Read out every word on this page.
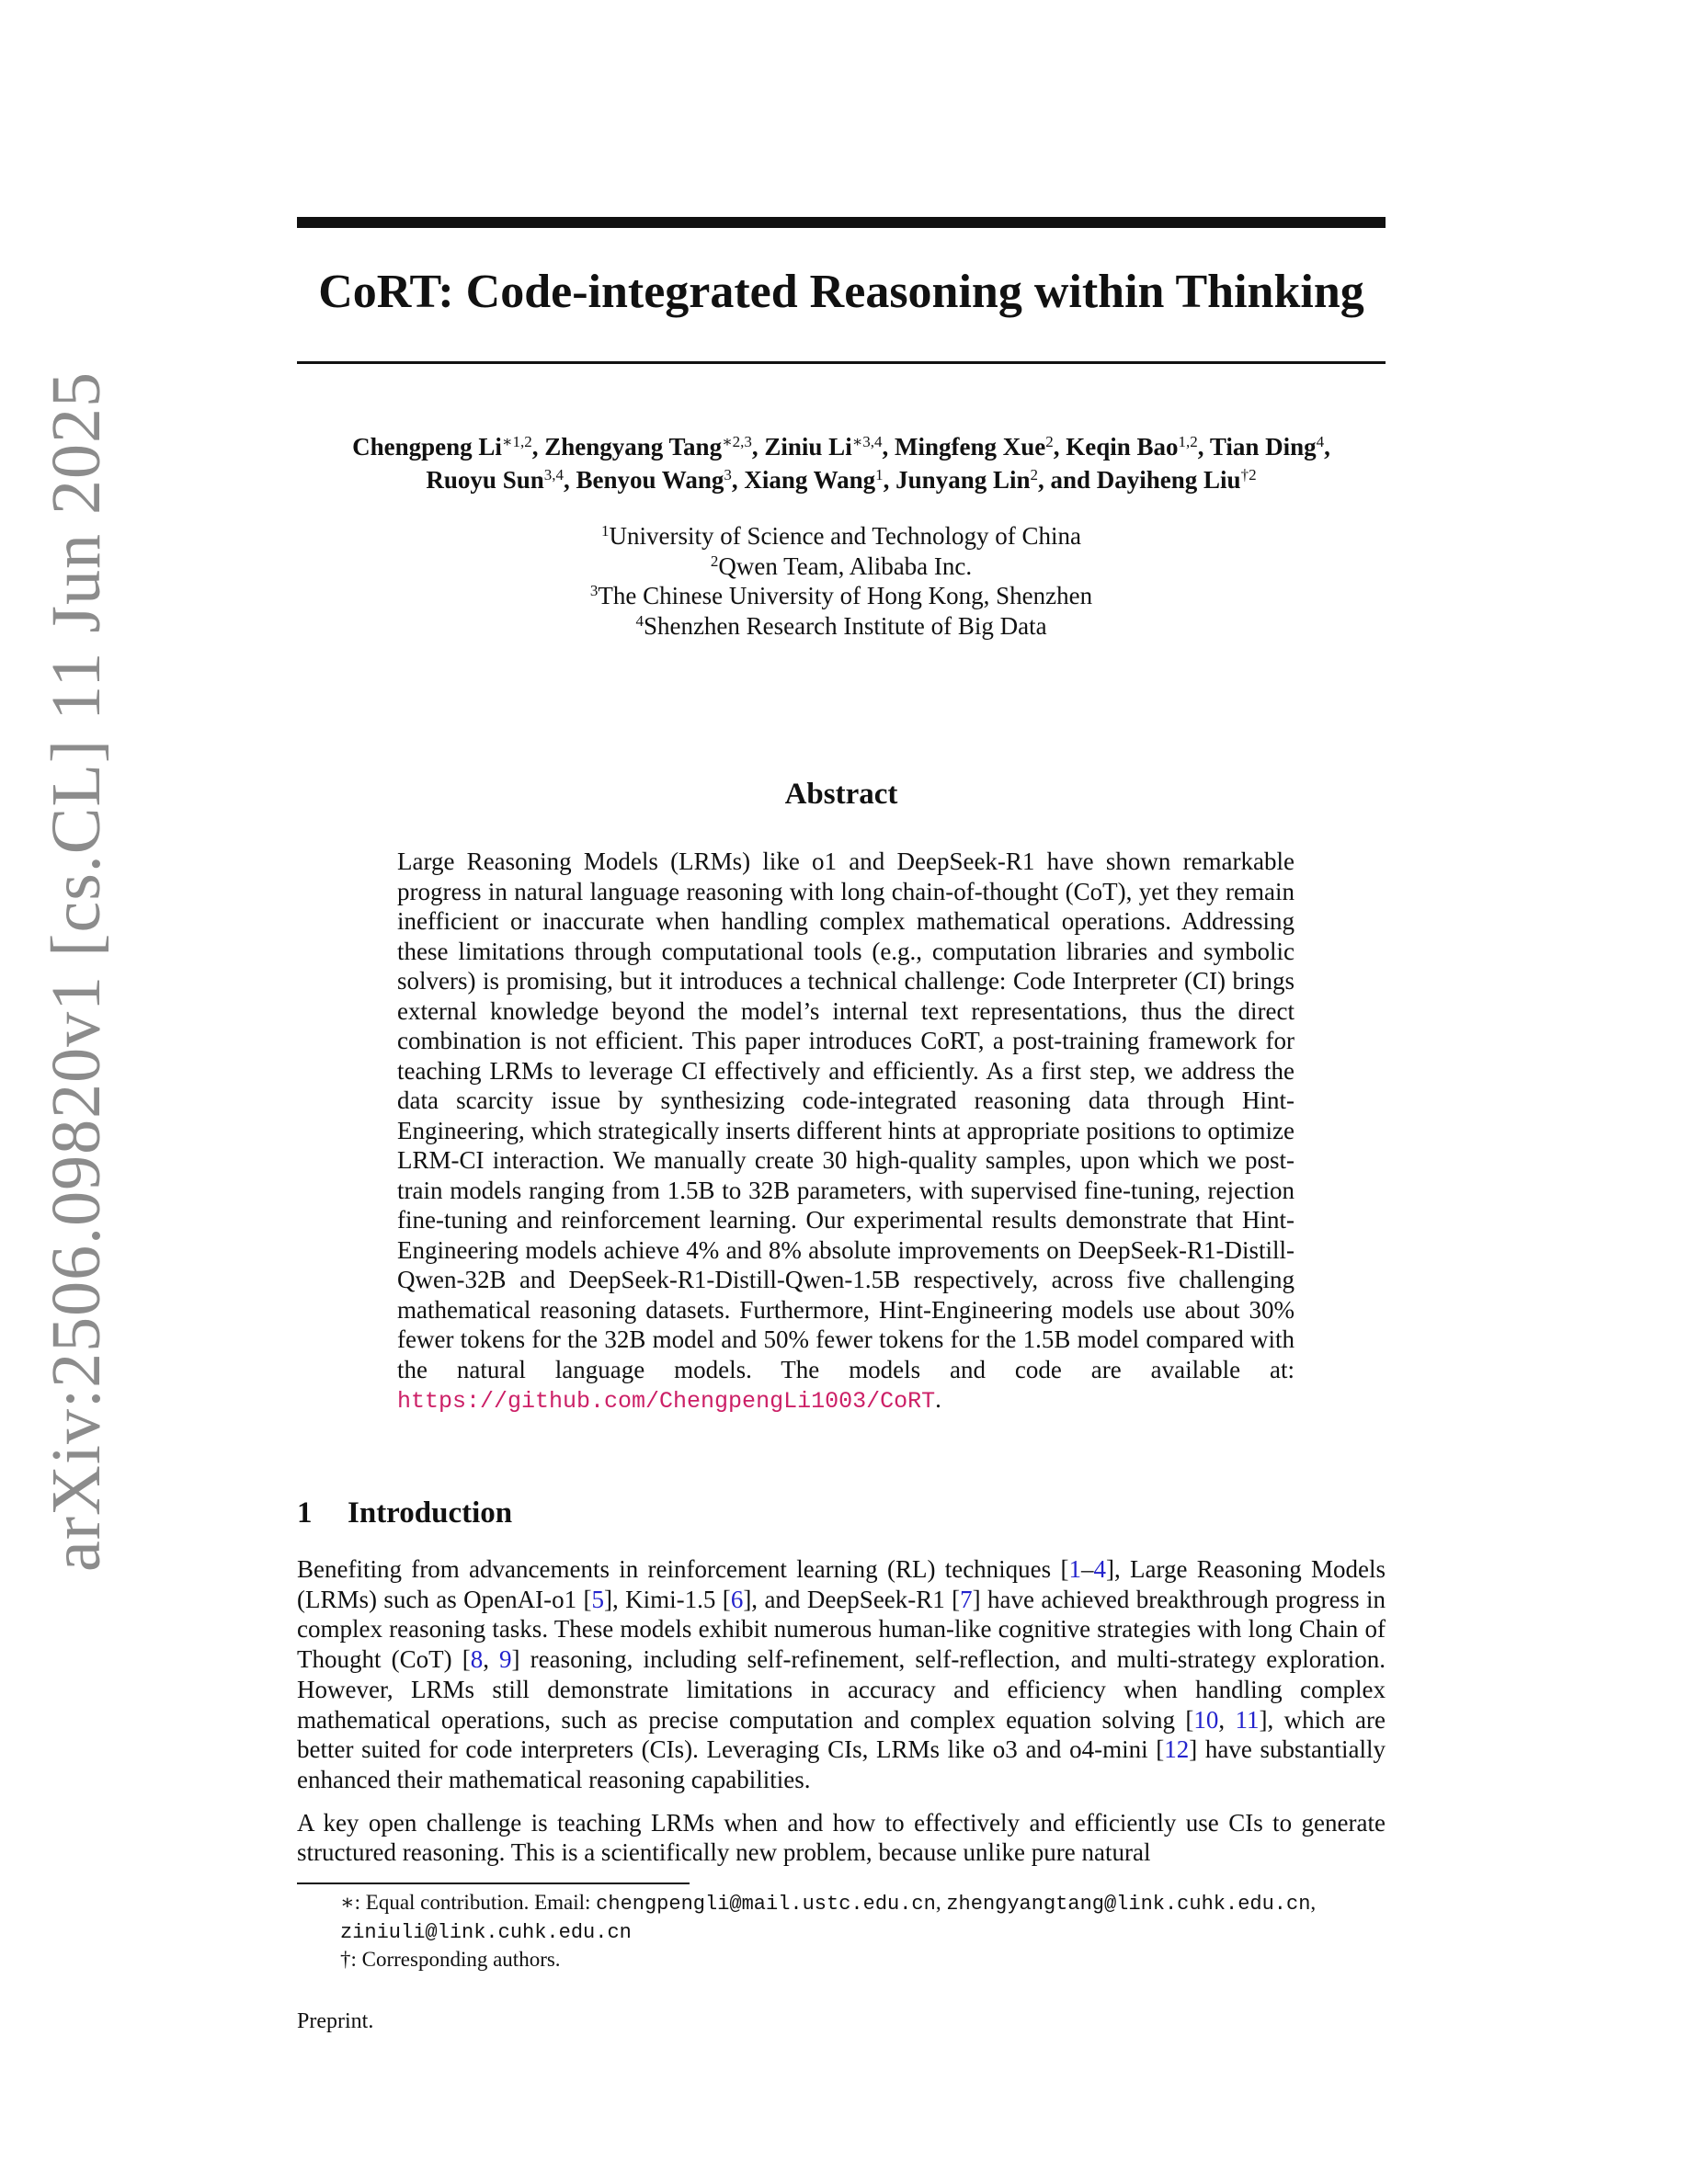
arXiv:2506.09820v1 [cs.CL] 11 Jun 2025
CoRT: Code-integrated Reasoning within Thinking
Chengpeng $Li^{∗1,2}$, Zhengyang Tang$^{∗2,3}$, Ziniu $Li^{∗3,4}$, Mingfeng Xue$^2$, Keqin Bao$^{1,2}$, Tian Ding$^4$,
Ruoyu Sun$^{3,4}$, Benyou Wang$^3$, Xiang Wang$^1$, Junyang Lin$^2$, and Dayiheng Liu$^{\dagger 2}$
$^1$University of Science and Technology of China
$^2$Qwen Team, Alibaba Inc.
$^3$The Chinese University of Hong Kong, Shenzhen
$^4$Shenzhen Research Institute of Big Data
Abstract
Large Reasoning Models (LRMs) like o1 and DeepSeek-R1 have shown remarkable progress in natural language reasoning with long chain-of-thought (CoT), yet they remain inefficient or inaccurate when handling complex mathematical operations. Addressing these limitations through computational tools (e.g., computation libraries and symbolic solvers) is promising, but it introduces a technical challenge: Code Interpreter (CI) brings external knowledge beyond the model’s internal text representations, thus the direct combination is not efficient. This paper introduces CoRT, a post-training framework for teaching LRMs to leverage CI effectively and efficiently. As a first step, we address the data scarcity issue by synthesizing code-integrated reasoning data through Hint-Engineering, which strategically inserts different hints at appropriate positions to optimize LRM-CI interaction. We manually create 30 high-quality samples, upon which we post-train models ranging from 1.5B to 32B parameters, with supervised fine-tuning, rejection fine-tuning and reinforcement learning. Our experimental results demonstrate that Hint-Engineering models achieve 4% and 8% absolute improvements on DeepSeek-R1-Distill-Qwen-32B and DeepSeek-R1-Distill-Qwen-1.5B respectively, across five challenging mathematical reasoning datasets. Furthermore, Hint-Engineering models use about 30% fewer tokens for the 32B model and 50% fewer tokens for the 1.5B model compared with the natural language models. The models and code are available at: https://github.com/ChengpengLi1003/CoRT.
1 Introduction

Benefiting from advancements in reinforcement learning (RL) techniques [1–4], Large Reasoning Models (LRMs) such as OpenAI-o1 [5], Kimi-1.5 [6], and DeepSeek-R1 [7] have achieved breakthrough progress in complex reasoning tasks. These models exhibit numerous human-like cognitive strategies with long Chain of Thought (CoT) [8, 9] reasoning, including self-refinement, self-reflection, and multi-strategy exploration. However, LRMs still demonstrate limitations in accuracy and efficiency when handling complex mathematical operations, such as precise computation and complex equation solving [10, 11], which are better suited for code interpreters (CIs). Leveraging CIs, LRMs like o3 and o4-mini [12] have substantially enhanced their mathematical reasoning capabilities.

A key open challenge is teaching LRMs when and how to effectively and efficiently use CIs to generate structured reasoning. This is a scientifically new problem, because unlike pure natural

∗: Equal contribution. Email: chengpengli@mail.ustc.edu.cn, zhengyangtang@link.cuhk.edu.cn, ziniuli@link.cuhk.edu.cn

†: Corresponding authors.

Preprint.
